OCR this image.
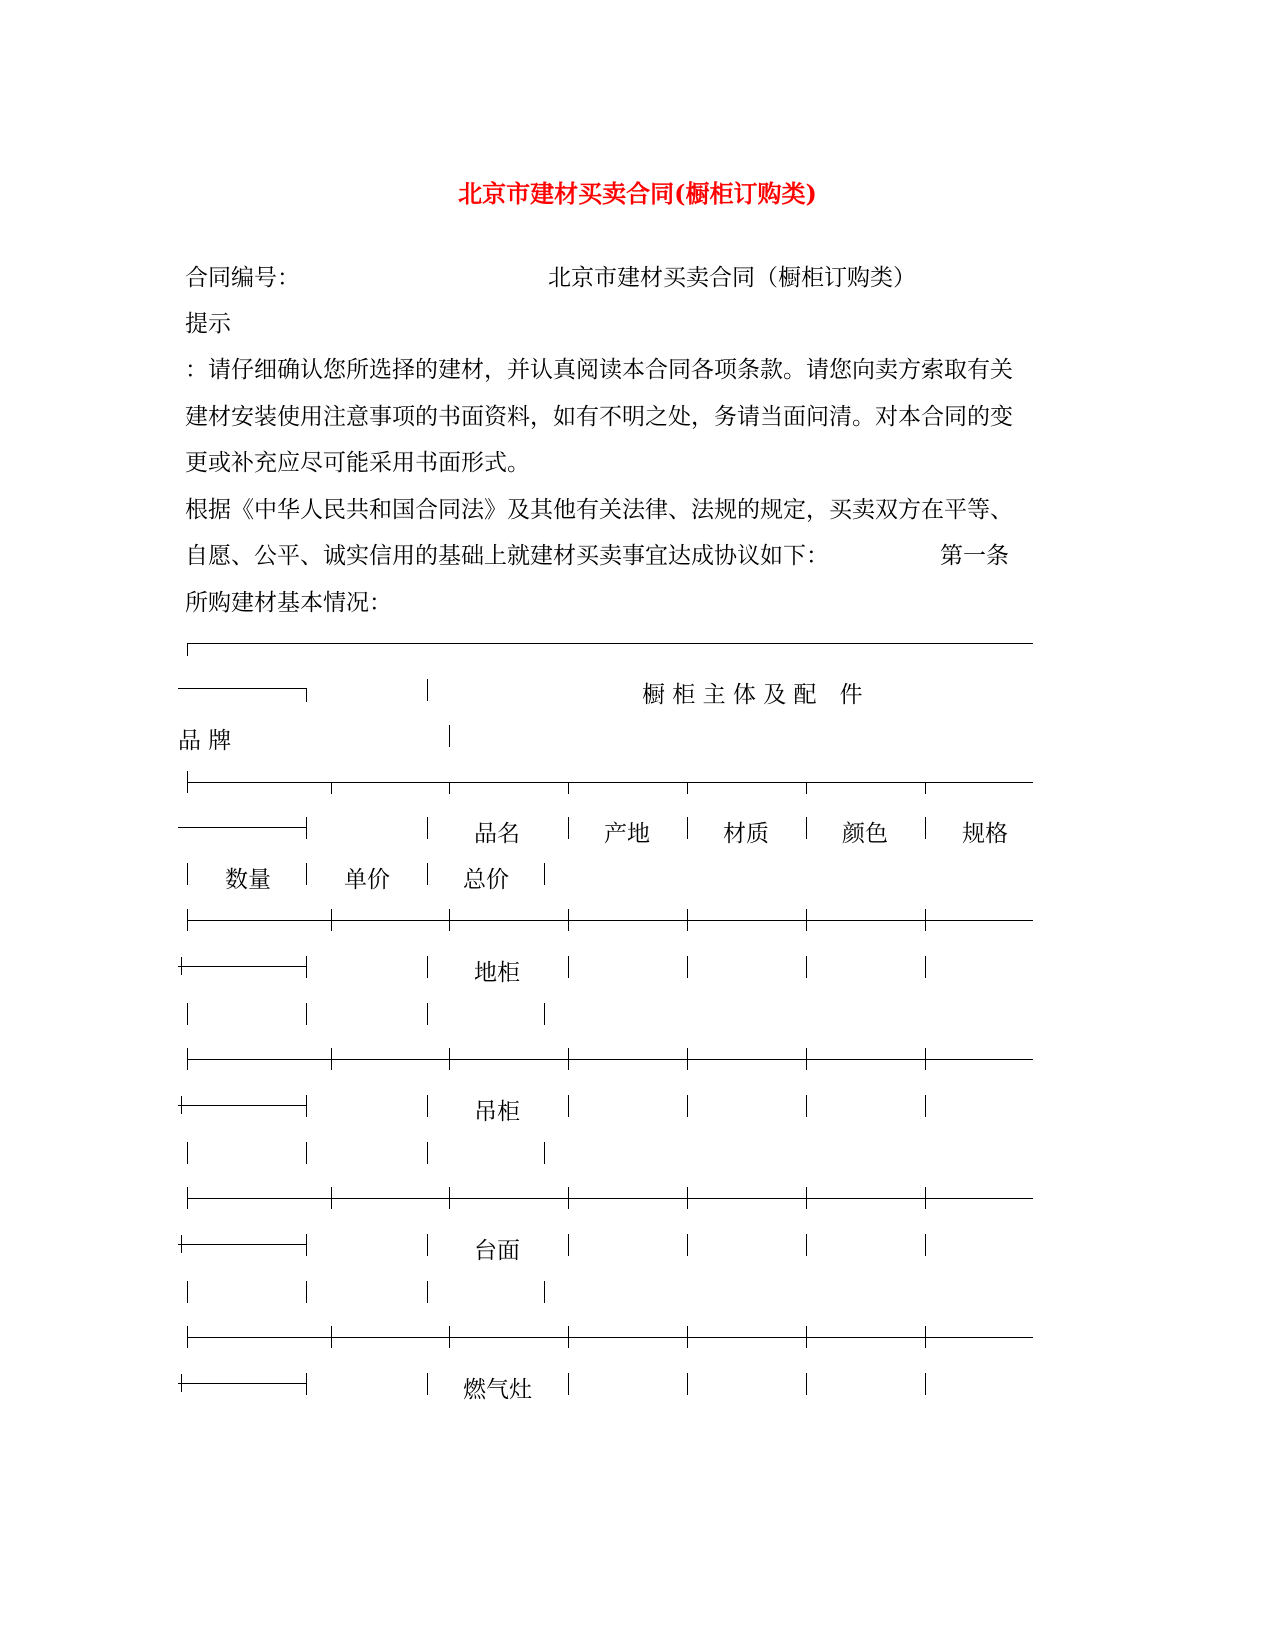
北京市建材买卖合同(橱柜订购类)
合同编号：	北京市建材买卖合同（橱柜订购类）
提示
：请仔细确认您所选择的建材，并认真阅读本合同各项条款。请您向卖方索取有关
建材安装使用注意事项的书面资料，如有不明之处，务请当面问清。对本合同的变
更或补充应尽可能采用书面形式。
根据《中华人民共和国合同法》及其他有关法律、法规的规定，买卖双方在平等、
自愿、公平、诚实信用的基础上就建材买卖事宜达成协议如下：	第一条
所购建材基本情况：
橱 柜 主 体 及 配　件
品 牌
品名	产地	材质	颜色	规格
数量	单价	总价
地柜
吊柜
台面
燃气灶
